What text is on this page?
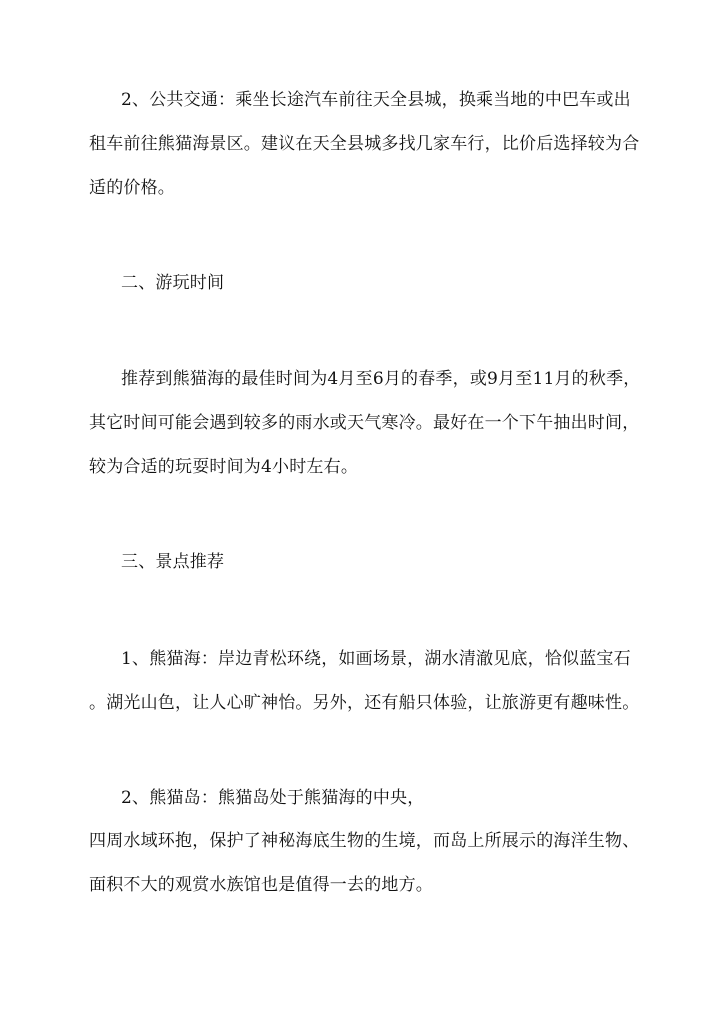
2、公共交通：乘坐长途汽车前往天全县城，换乘当地的中巴车或出
租车前往熊猫海景区。建议在天全县城多找几家车行，比价后选择较为合
适的价格。
二、游玩时间
推荐到熊猫海的最佳时间为4月至6月的春季，或9月至11月的秋季，
其它时间可能会遇到较多的雨水或天气寒冷。最好在一个下午抽出时间，
较为合适的玩耍时间为4小时左右。
三、景点推荐
1、熊猫海：岸边青松环绕，如画场景，湖水清澈见底，恰似蓝宝石
。湖光山色，让人心旷神怡。另外，还有船只体验，让旅游更有趣味性。
2、熊猫岛：熊猫岛处于熊猫海的中央，
四周水域环抱，保护了神秘海底生物的生境，而岛上所展示的海洋生物、
面积不大的观赏水族馆也是值得一去的地方。
